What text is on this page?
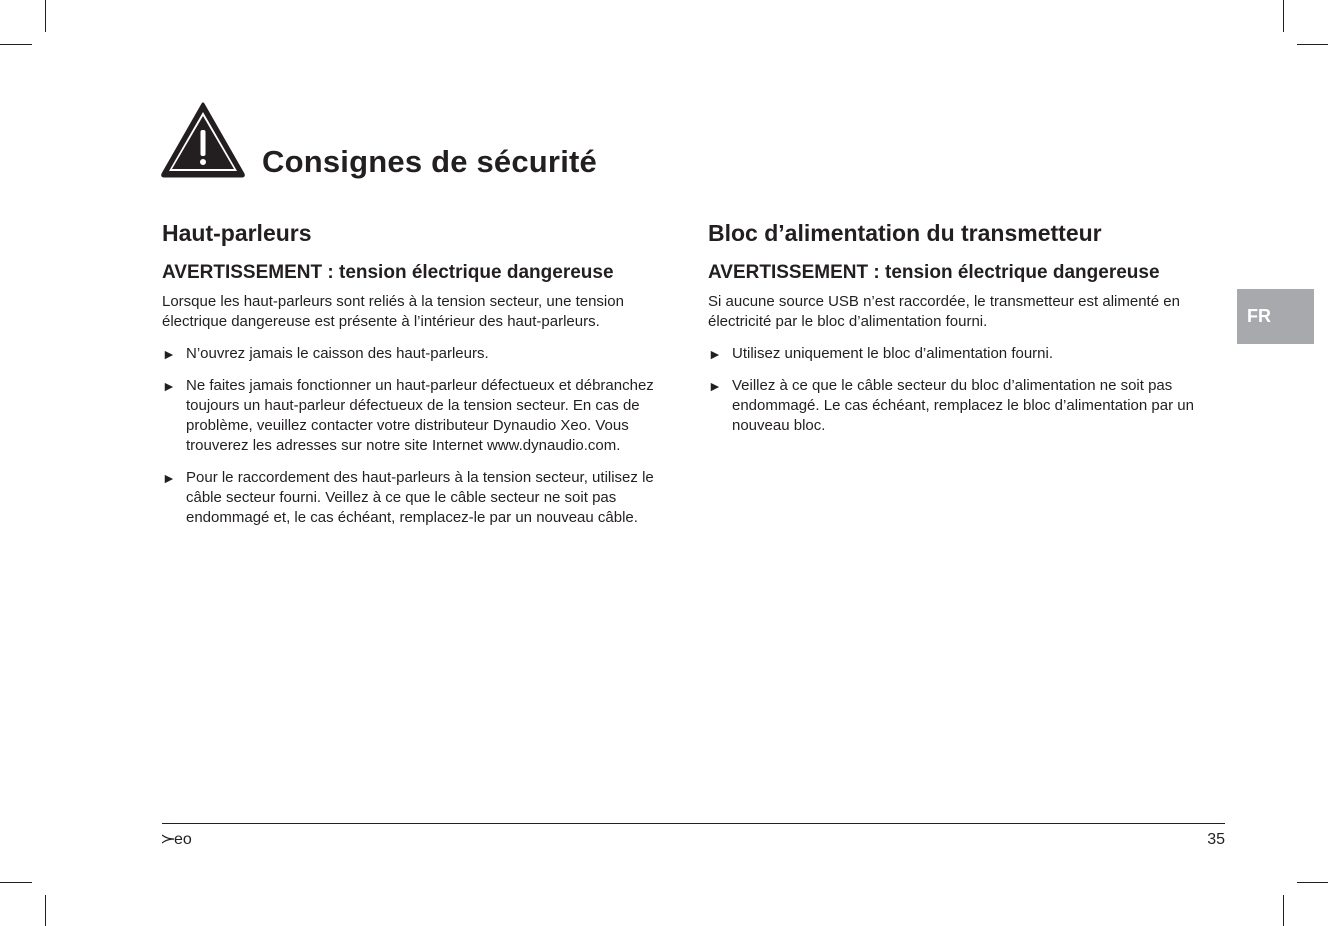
Consignes de sécurité
Haut-parleurs
AVERTISSEMENT : tension électrique dangereuse

Lorsque les haut-parleurs sont reliés à la tension secteur, une tension électrique dangereuse est présente à l’intérieur des haut-parleurs.

► N’ouvrez jamais le caisson des haut-parleurs.
► Ne faites jamais fonctionner un haut-parleur défectueux et débranchez toujours un haut-parleur défectueux de la tension secteur. En cas de problème, veuillez contacter votre distributeur Dynaudio Xeo. Vous trouverez les adresses sur notre site Internet www.dynaudio.com.
► Pour le raccordement des haut-parleurs à la tension secteur, utilisez le câble secteur fourni. Veillez à ce que le câble secteur ne soit pas endommagé et, le cas échéant, remplacez-le par un nouveau câble.
Bloc d’alimentation du transmetteur
AVERTISSEMENT : tension électrique dangereuse

Si aucune source USB n’est raccordée, le transmetteur est alimenté en électricité par le bloc d’alimentation fourni.

► Utilisez uniquement le bloc d’alimentation fourni.
► Veillez à ce que le câble secteur du bloc d’alimentation ne soit pas endommagé. Le cas échéant, remplacez le bloc d’alimentation par un nouveau bloc.
FR
eo	35
